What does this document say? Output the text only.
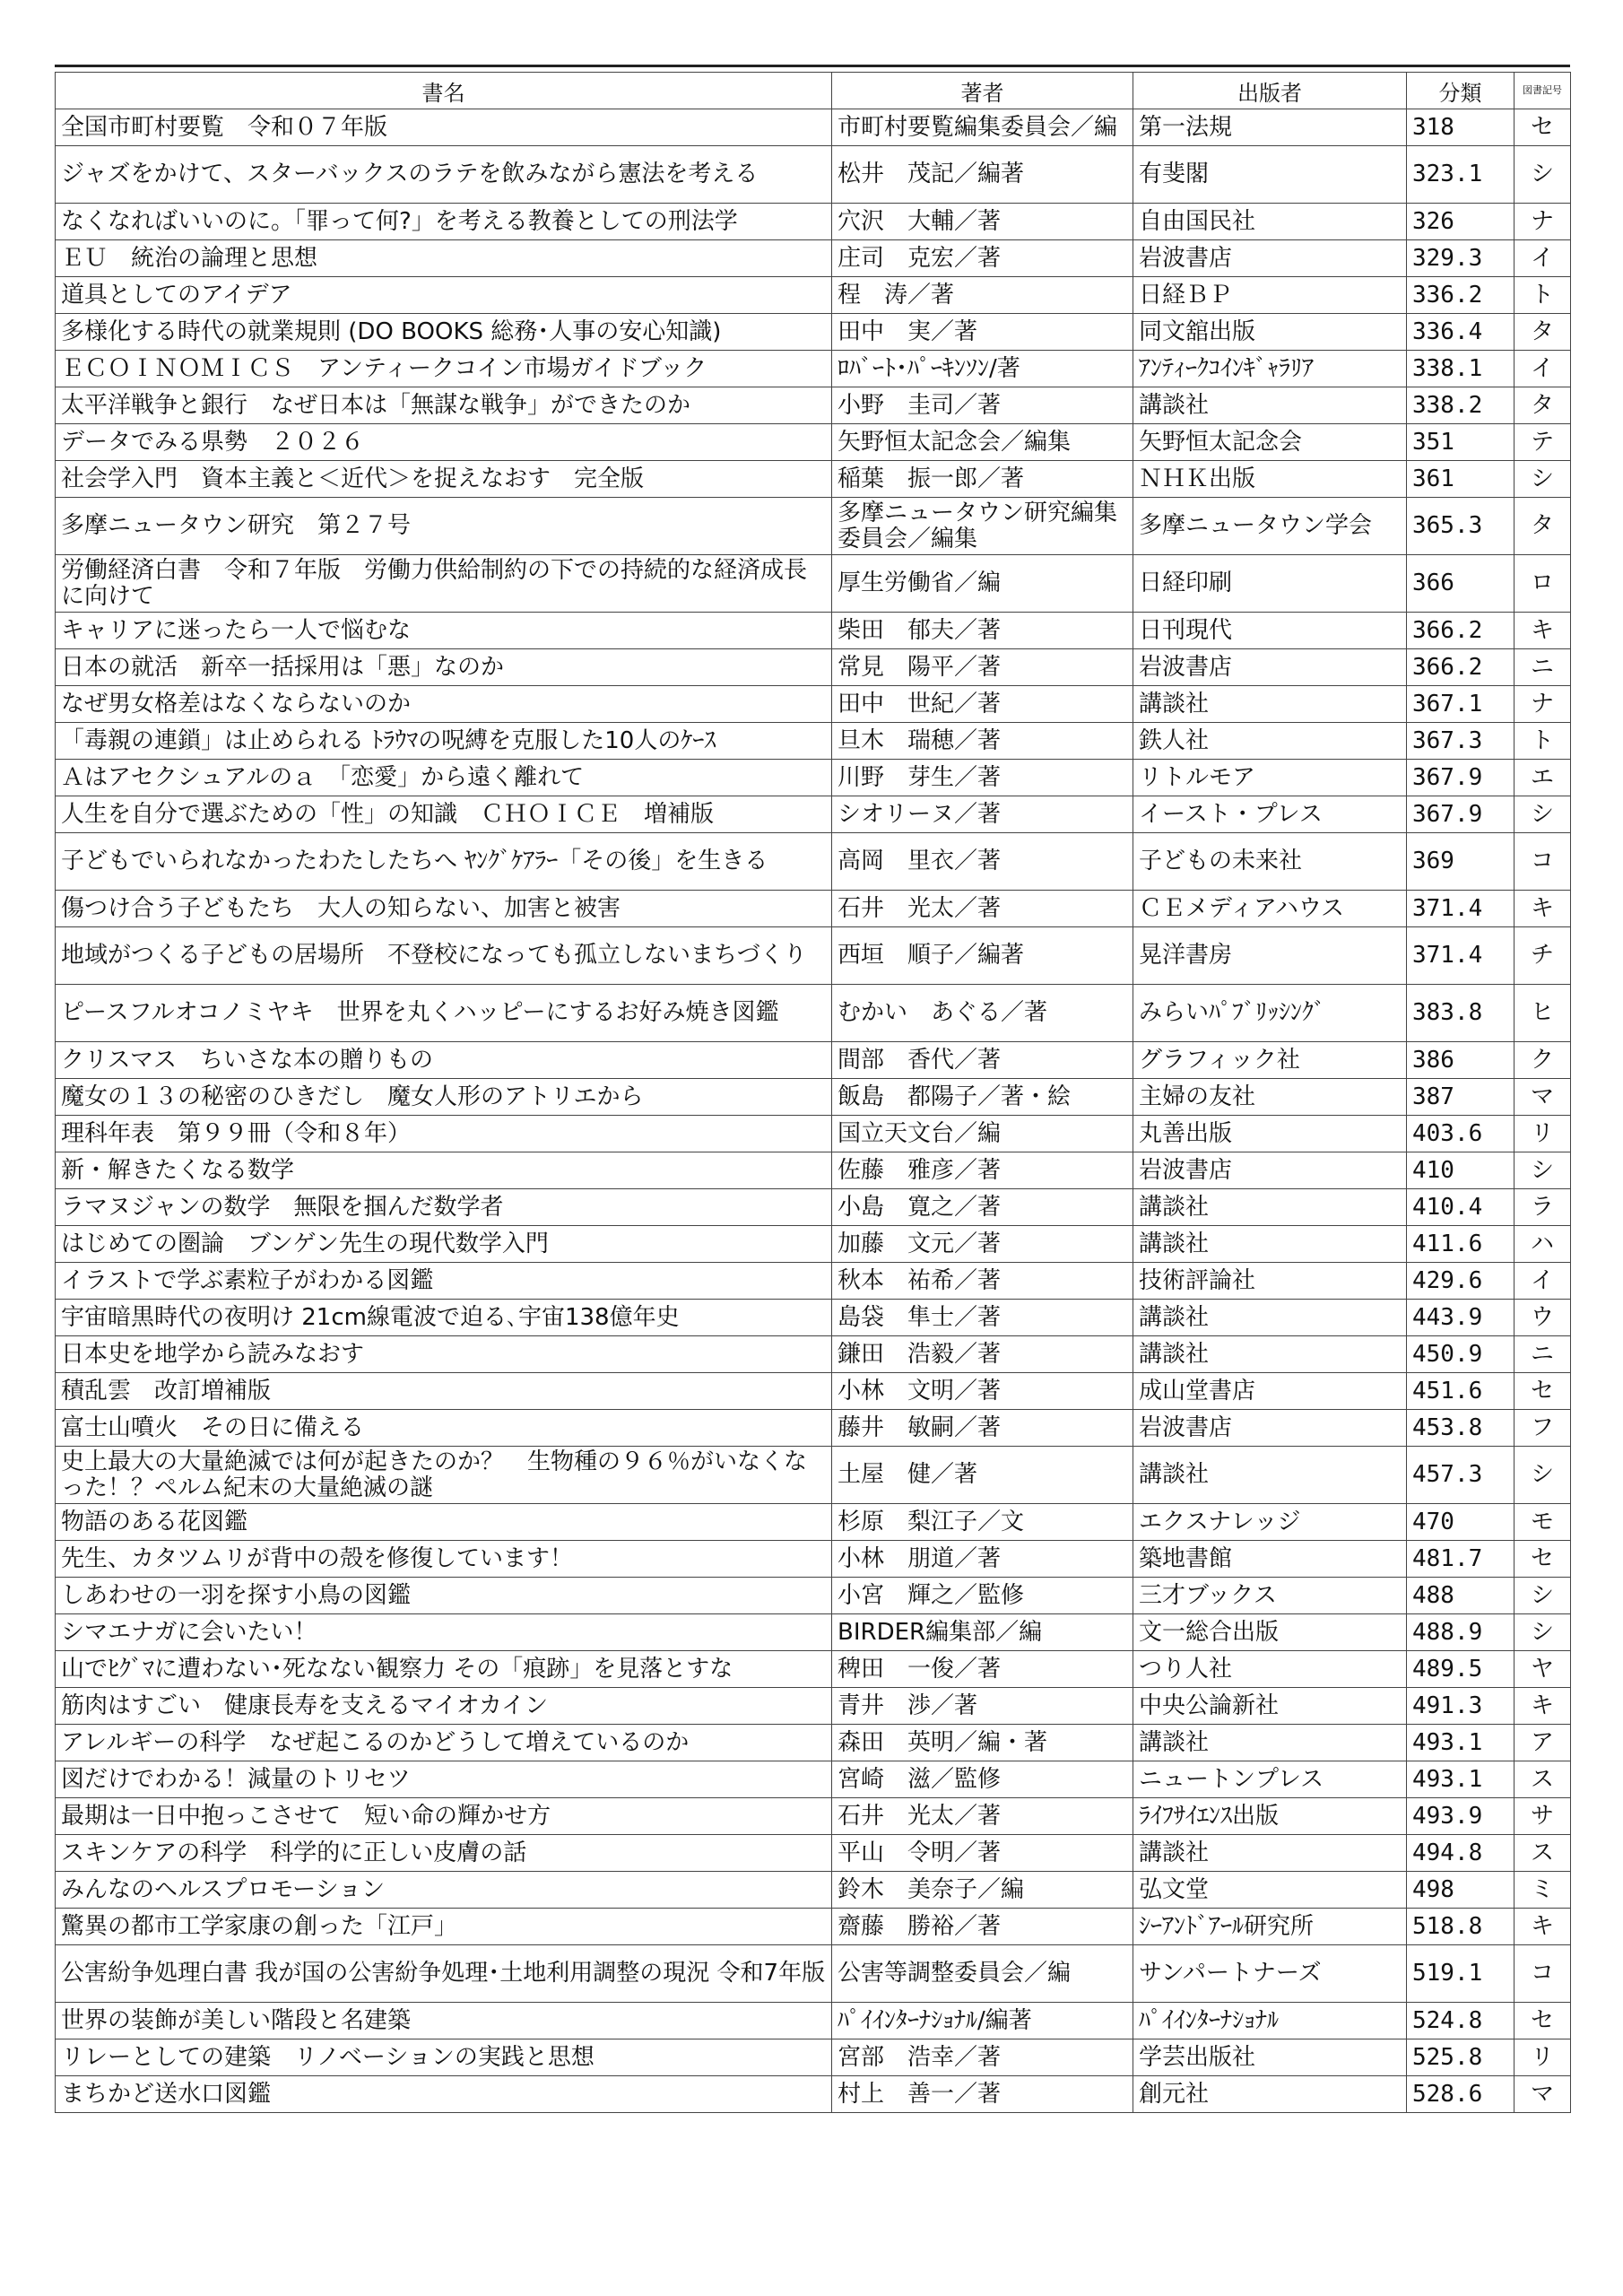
書名	著者	出版者	分類	図書記号
全国市町村要覧　令和０７年版	市町村要覧編集委員会／編	第一法規	318	セ
ジャズをかけて、スターバックスのラテを飲みながら憲法を考える	松井　茂記／編著	有斐閣	323.1	シ
なくなればいいのに。「罪って何?」を考える教養としての刑法学	穴沢　大輔／著	自由国民社	326	ナ
ＥＵ　統治の論理と思想	庄司　克宏／著	岩波書店	329.3	イ
道具としてのアイデア	程　涛／著	日経ＢＰ	336.2	ト
多様化する時代の就業規則 (DO BOOKS 総務･人事の安心知識)	田中　実／著	同文舘出版	336.4	タ
ＥＣＯＩＮＯＭＩＣＳ　アンティークコイン市場ガイドブック	ﾛﾊﾞｰﾄ･ﾊﾟｰｷﾝｿﾝ/著	ｱﾝﾃｨｰｸｺｲﾝｷﾞｬﾗﾘｱ	338.1	イ
太平洋戦争と銀行　なぜ日本は「無謀な戦争」ができたのか	小野　圭司／著	講談社	338.2	タ
データでみる県勢　２０２６	矢野恒太記念会／編集	矢野恒太記念会	351	テ
社会学入門　資本主義と＜近代＞を捉えなおす　完全版	稲葉　振一郎／著	ＮＨＫ出版	361	シ
多摩ニュータウン研究　第２７号	多摩ニュータウン研究編集委員会／編集	多摩ニュータウン学会	365.3	タ
労働経済白書　令和７年版　労働力供給制約の下での持続的な経済成長に向けて	厚生労働省／編	日経印刷	366	ロ
キャリアに迷ったら一人で悩むな	柴田　郁夫／著	日刊現代	366.2	キ
日本の就活　新卒一括採用は「悪」なのか	常見　陽平／著	岩波書店	366.2	ニ
なぜ男女格差はなくならないのか	田中　世紀／著	講談社	367.1	ナ
「毒親の連鎖」は止められる ﾄﾗｳﾏの呪縛を克服した10人のｹｰｽ	旦木　瑞穂／著	鉄人社	367.3	ト
Ａはアセクシュアルのａ　「恋愛」から遠く離れて	川野　芽生／著	リトルモア	367.9	エ
人生を自分で選ぶための「性」の知識　ＣＨＯＩＣＥ　増補版	シオリーヌ／著	イースト・プレス	367.9	シ
子どもでいられなかったわたしたちへ ﾔﾝｸﾞｹｱﾗｰ「その後」を生きる	高岡　里衣／著	子どもの未来社	369	コ
傷つけ合う子どもたち　大人の知らない、加害と被害	石井　光太／著	ＣＥメディアハウス	371.4	キ
地域がつくる子どもの居場所　不登校になっても孤立しないまちづくり	西垣　順子／編著	晃洋書房	371.4	チ
ピースフルオコノミヤキ　世界を丸くハッピーにするお好み焼き図鑑	むかい　あぐる／著	みらいﾊﾟﾌﾞﾘｯｼﾝｸﾞ	383.8	ヒ
クリスマス　ちいさな本の贈りもの	間部　香代／著	グラフィック社	386	ク
魔女の１３の秘密のひきだし　魔女人形のアトリエから	飯島　都陽子／著・絵	主婦の友社	387	マ
理科年表　第９９冊（令和８年）	国立天文台／編	丸善出版	403.6	リ
新・解きたくなる数学	佐藤　雅彦／著	岩波書店	410	シ
ラマヌジャンの数学　無限を掴んだ数学者	小島　寛之／著	講談社	410.4	ラ
はじめての圏論　ブンゲン先生の現代数学入門	加藤　文元／著	講談社	411.6	ハ
イラストで学ぶ素粒子がわかる図鑑	秋本　祐希／著	技術評論社	429.6	イ
宇宙暗黒時代の夜明け 21cm線電波で迫る､宇宙138億年史	島袋　隼士／著	講談社	443.9	ウ
日本史を地学から読みなおす	鎌田　浩毅／著	講談社	450.9	ニ
積乱雲　改訂増補版	小林　文明／著	成山堂書店	451.6	セ
富士山噴火　その日に備える	藤井　敏嗣／著	岩波書店	453.8	フ
史上最大の大量絶滅では何が起きたのか？　生物種の９６％がいなくなった！？ペルム紀末の大量絶滅の謎	土屋　健／著	講談社	457.3	シ
物語のある花図鑑	杉原　梨江子／文	エクスナレッジ	470	モ
先生、カタツムリが背中の殻を修復しています！	小林　朋道／著	築地書館	481.7	セ
しあわせの一羽を探す小鳥の図鑑	小宮　輝之／監修	三才ブックス	488	シ
シマエナガに会いたい！	BIRDER編集部／編	文一総合出版	488.9	シ
山でﾋｸﾞﾏに遭わない･死なない観察力 その「痕跡」を見落とすな	稗田　一俊／著	つり人社	489.5	ヤ
筋肉はすごい　健康長寿を支えるマイオカイン	青井　渉／著	中央公論新社	491.3	キ
アレルギーの科学　なぜ起こるのかどうして増えているのか	森田　英明／編・著	講談社	493.1	ア
図だけでわかる！減量のトリセツ	宮崎　滋／監修	ニュートンプレス	493.1	ス
最期は一日中抱っこさせて　短い命の輝かせ方	石井　光太／著	ﾗｲﾌｻｲｴﾝｽ出版	493.9	サ
スキンケアの科学　科学的に正しい皮膚の話	平山　令明／著	講談社	494.8	ス
みんなのヘルスプロモーション	鈴木　美奈子／編	弘文堂	498	ミ
驚異の都市工学家康の創った「江戸」	齋藤　勝裕／著	ｼｰｱﾝﾄﾞｱｰﾙ研究所	518.8	キ
公害紛争処理白書 我が国の公害紛争処理･土地利用調整の現況 令和7年版	公害等調整委員会／編	サンパートナーズ	519.1	コ
世界の装飾が美しい階段と名建築	ﾊﾟｲｲﾝﾀｰﾅｼｮﾅﾙ/編著	ﾊﾟｲｲﾝﾀｰﾅｼｮﾅﾙ	524.8	セ
リレーとしての建築　リノベーションの実践と思想	宮部　浩幸／著	学芸出版社	525.8	リ
まちかど送水口図鑑	村上　善一／著	創元社	528.6	マ
